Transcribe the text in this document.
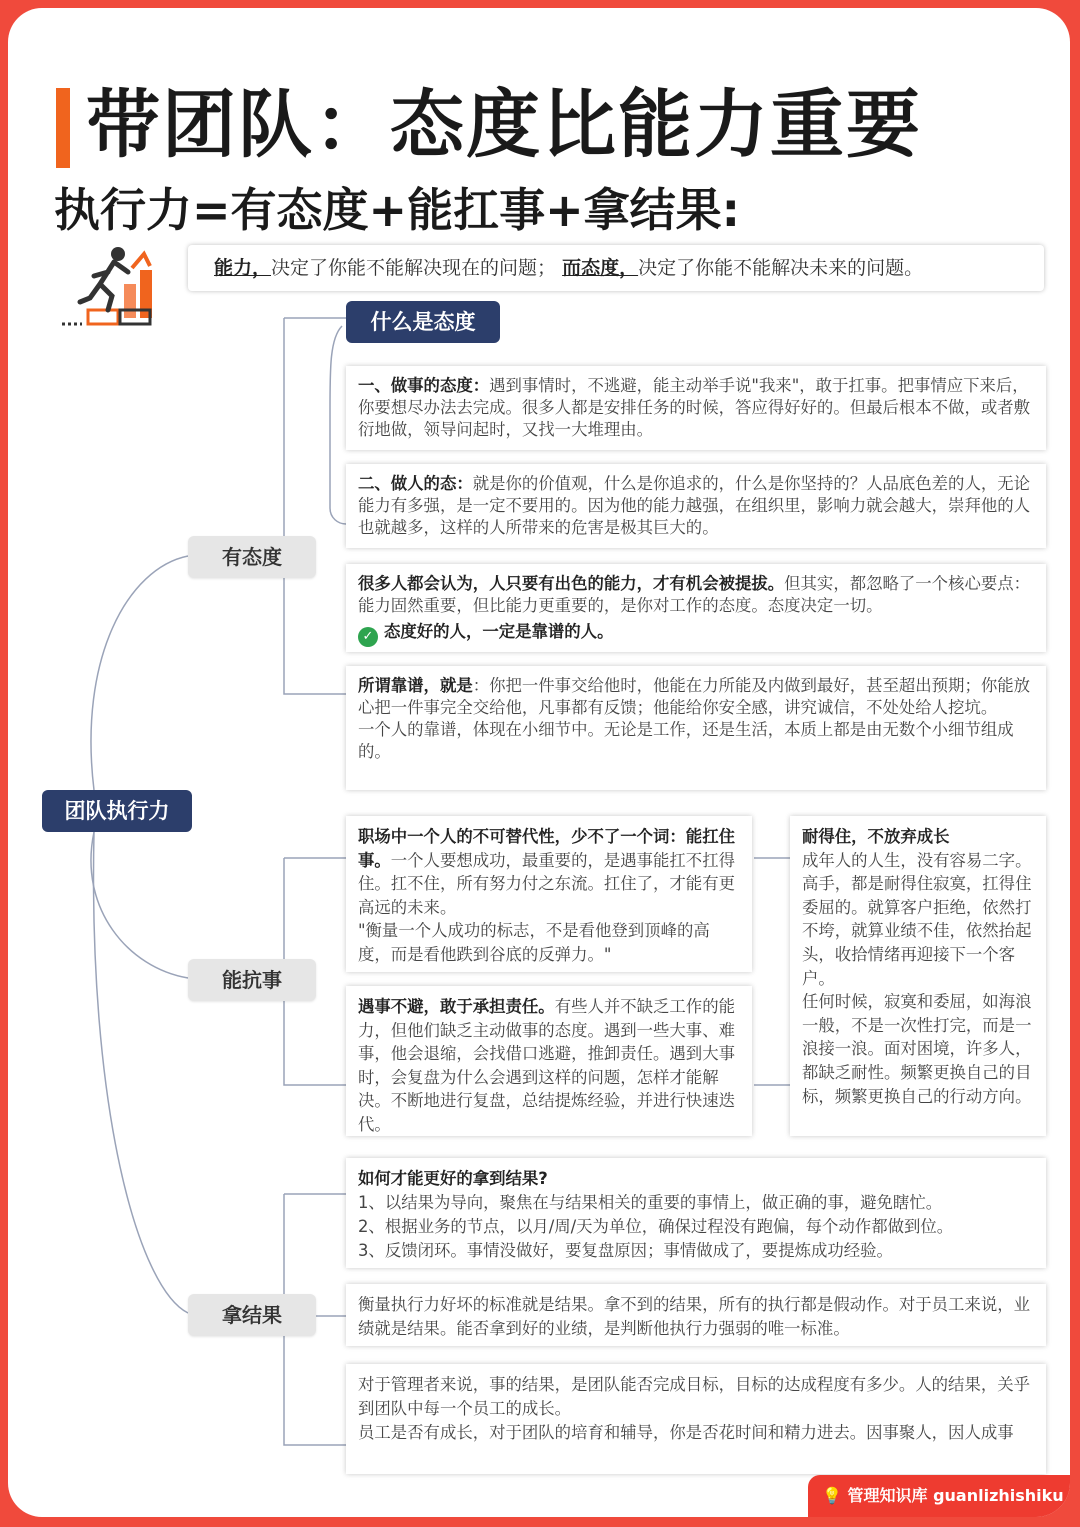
带团队：态度比能力重要
执行力=有态度+能扛事+拿结果:
能力，决定了你能不能解决现在的问题； 而态度，决定了你能不能解决未来的问题。
团队执行力
有态度
能抗事
拿结果
什么是态度
一、做事的态度：遇到事情时，不逃避，能主动举手说"我来"，敢于扛事。把事情应下来后，你要想尽办法去完成。很多人都是安排任务的时候，答应得好好的。但最后根本不做，或者敷衍地做，领导问起时，又找一大堆理由。
二、做人的态：就是你的价值观，什么是你追求的，什么是你坚持的？人品底色差的人，无论能力有多强，是一定不要用的。因为他的能力越强，在组织里，影响力就会越大，崇拜他的人也就越多，这样的人所带来的危害是极其巨大的。
很多人都会认为，人只要有出色的能力，才有机会被提拔。但其实，都忽略了一个核心要点：能力固然重要，但比能力更重要的，是你对工作的态度。态度决定一切。
✓ 态度好的人，一定是靠谱的人。
所谓靠谱，就是：你把一件事交给他时，他能在力所能及内做到最好，甚至超出预期；你能放心把一件事完全交给他，凡事都有反馈；他能给你安全感，讲究诚信，不处处给人挖坑。
一个人的靠谱，体现在小细节中。无论是工作，还是生活，本质上都是由无数个小细节组成的。
职场中一个人的不可替代性，少不了一个词：能扛住事。一个人要想成功，最重要的，是遇事能扛不扛得住。扛不住，所有努力付之东流。扛住了，才能有更高远的未来。
"衡量一个人成功的标志，不是看他登到顶峰的高度，而是看他跌到谷底的反弹力。"
遇事不避，敢于承担责任。有些人并不缺乏工作的能力，但他们缺乏主动做事的态度。遇到一些大事、难事，他会退缩，会找借口逃避，推卸责任。遇到大事时，会复盘为什么会遇到这样的问题，怎样才能解决。不断地进行复盘，总结提炼经验，并进行快速迭代。
耐得住，不放弃成长
成年人的人生，没有容易二字。高手，都是耐得住寂寞，扛得住委屈的。就算客户拒绝，依然打不垮，就算业绩不佳，依然抬起头，收拾情绪再迎接下一个客户。
任何时候，寂寞和委屈，如海浪一般，不是一次性打完，而是一浪接一浪。面对困境，许多人，都缺乏耐性。频繁更换自己的目标，频繁更换自己的行动方向。
如何才能更好的拿到结果?
1、以结果为导向，聚焦在与结果相关的重要的事情上，做正确的事，避免瞎忙。
2、根据业务的节点，以月/周/天为单位，确保过程没有跑偏，每个动作都做到位。
3、反馈闭环。事情没做好，要复盘原因；事情做成了，要提炼成功经验。
衡量执行力好坏的标准就是结果。拿不到的结果，所有的执行都是假动作。对于员工来说，业绩就是结果。能否拿到好的业绩，是判断他执行力强弱的唯一标准。
对于管理者来说，事的结果，是团队能否完成目标，目标的达成程度有多少。人的结果，关乎到团队中每一个员工的成长。
员工是否有成长，对于团队的培育和辅导，你是否花时间和精力进去。因事聚人，因人成事
💡 管理知识库 guanlizhishiku
